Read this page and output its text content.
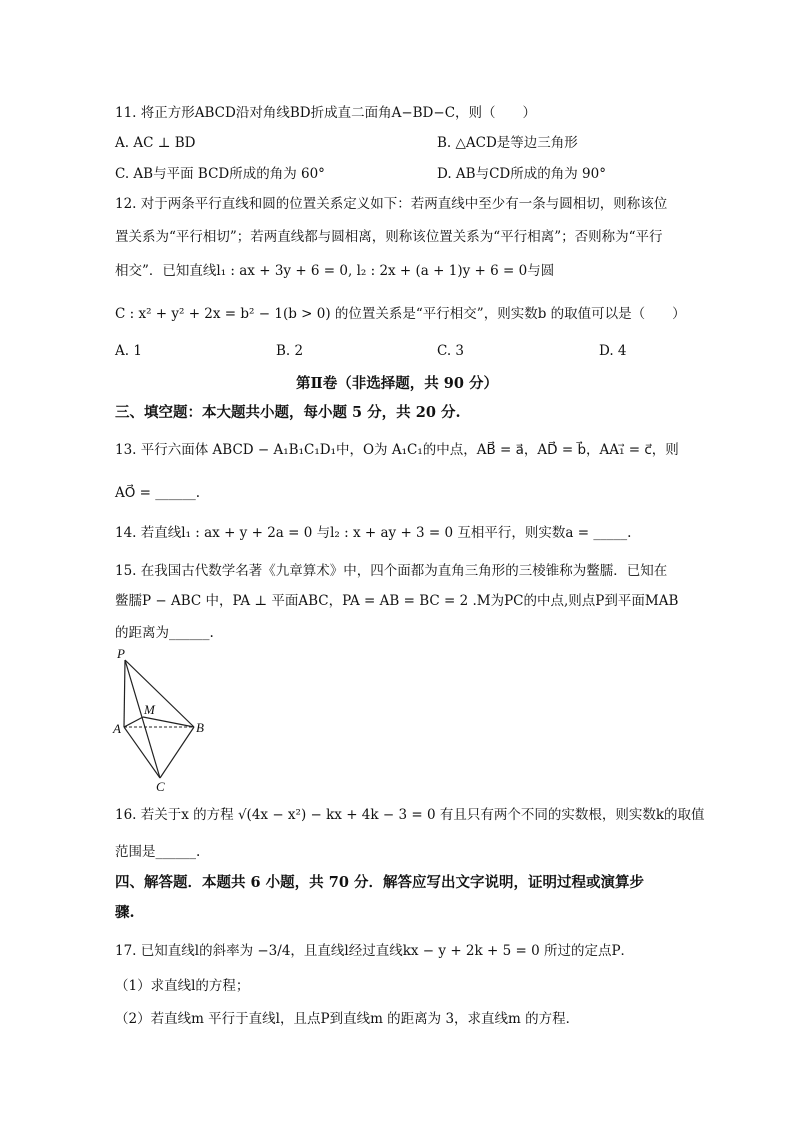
11. 将正方形ABCD沿对角线BD折成直二面角A−BD−C，则（　　）
A. AC ⊥ BD	B. △ACD是等边三角形
C. AB与平面 BCD所成的角为 60°	D. AB与CD所成的角为 90°
12. 对于两条平行直线和圆的位置关系定义如下：若两直线中至少有一条与圆相切，则称该位
置关系为“平行相切”；若两直线都与圆相离，则称该位置关系为“平行相离”；否则称为“平行
相交”．已知直线l₁ : ax + 3y + 6 = 0, l₂ : 2x + (a + 1)y + 6 = 0与圆
C : x² + y² + 2x = b² − 1(b > 0) 的位置关系是“平行相交”，则实数b 的取值可以是（　　）
A. 1	B. 2	C. 3	D. 4
第Ⅱ卷（非选择题，共 90 分）
三、填空题：本大题共小题，每小题 5 分，共 20 分.
13. 平行六面体 ABCD − A₁B₁C₁D₁中，O为 A₁C₁的中点，AB⃗ = a⃗，AD⃗ = b⃗，AA₁⃗ = c⃗，则
AO⃗ = ______.
14. 若直线l₁ : ax + y + 2a = 0 与l₂ : x + ay + 3 = 0 互相平行，则实数a = _____.
15. 在我国古代数学名著《九章算术》中，四个面都为直角三角形的三棱锥称为鳖臑．已知在
鳖臑P − ABC 中，PA ⊥ 平面ABC，PA = AB = BC = 2 .M为PC的中点,则点P到平面MAB
的距离为______.
P
M
A	B
C
16. 若关于x 的方程 √(4x − x²) − kx + 4k − 3 = 0 有且只有两个不同的实数根，则实数k的取值
范围是______.
四、解答题．本题共 6 小题，共 70 分．解答应写出文字说明，证明过程或演算步
骤.
17. 已知直线l的斜率为 −3/4，且直线l经过直线kx − y + 2k + 5 = 0 所过的定点P．
（1）求直线l的方程；
（2）若直线m 平行于直线l，且点P到直线m 的距离为 3，求直线m 的方程．
